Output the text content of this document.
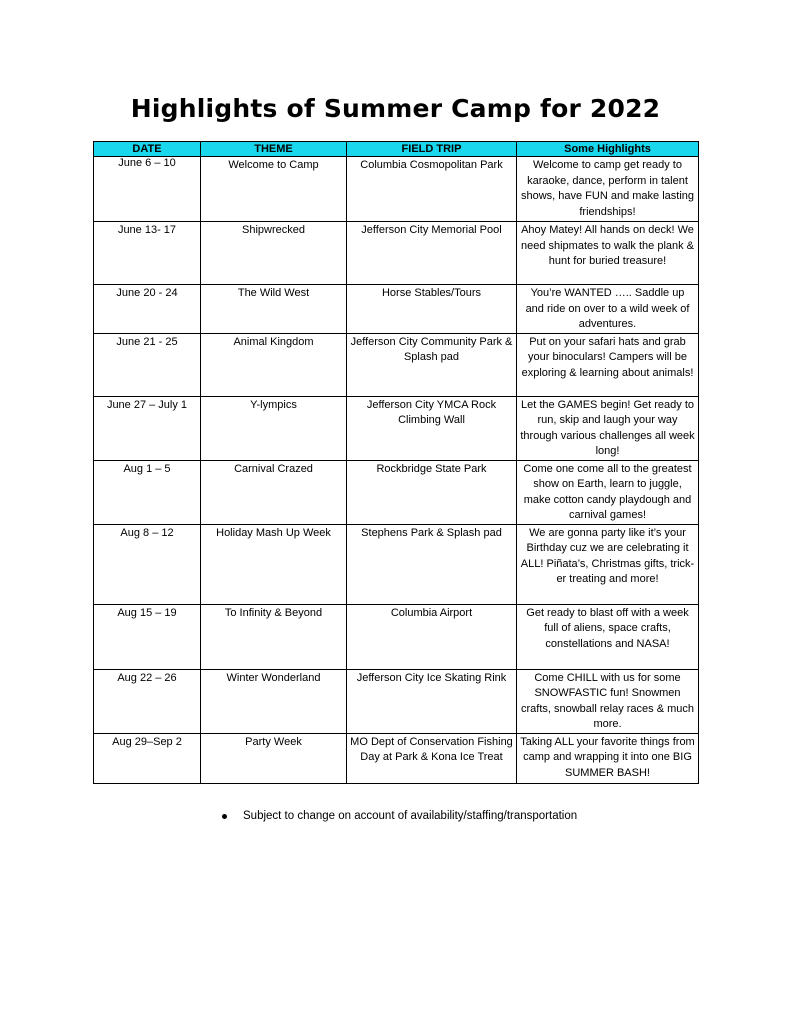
Highlights of Summer Camp for 2022
DATE	THEME	FIELD TRIP	Some Highlights
June 6 – 10	Welcome to Camp	Columbia Cosmopolitan Park	Welcome to camp get ready to karaoke, dance, perform in talent shows, have FUN and make lasting friendships!
June 13- 17	Shipwrecked	Jefferson City Memorial Pool	Ahoy Matey! All hands on deck! We need shipmates to walk the plank & hunt for buried treasure!
June 20 - 24	The Wild West	Horse Stables/Tours	You’re WANTED ….. Saddle up and ride on over to a wild week of adventures.
June 21 - 25	Animal Kingdom	Jefferson City Community Park & Splash pad	Put on your safari hats and grab your binoculars! Campers will be exploring & learning about animals!
June 27 – July 1	Y-lympics	Jefferson City YMCA Rock Climbing Wall	Let the GAMES begin! Get ready to run, skip and laugh your way through various challenges all week long!
Aug 1 – 5	Carnival Crazed	Rockbridge State Park	Come one come all to the greatest show on Earth, learn to juggle, make cotton candy playdough and carnival games!
Aug 8 – 12	Holiday Mash Up Week	Stephens Park & Splash pad	We are gonna party like it’s your Birthday cuz we are celebrating it ALL! Piñata’s, Christmas gifts, trick-er treating and more!
Aug 15 – 19	To Infinity & Beyond	Columbia Airport	Get ready to blast off with a week full of aliens, space crafts, constellations and NASA!
Aug 22 – 26	Winter Wonderland	Jefferson City Ice Skating Rink	Come CHILL with us for some SNOWFASTIC fun! Snowmen crafts, snowball relay races & much more.
Aug 29–Sep 2	Party Week	MO Dept of Conservation Fishing Day at Park & Kona Ice Treat	Taking ALL your favorite things from camp and wrapping it into one BIG SUMMER BASH!
Subject to change on account of availability/staffing/transportation
